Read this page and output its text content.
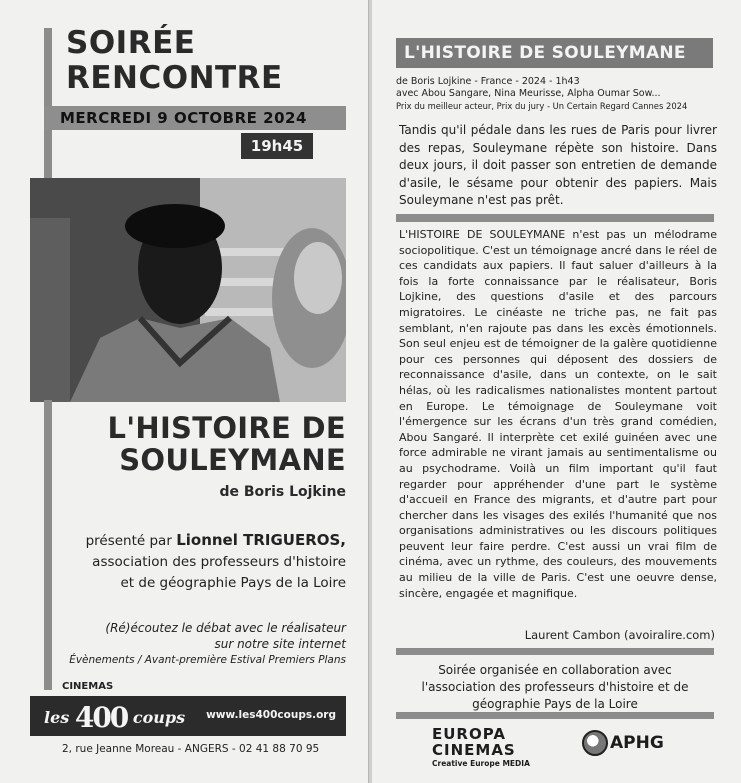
SOIRÉE
RENCONTRE
MERCREDI 9 OCTOBRE 2024
19h45
L'HISTOIRE DE
SOULEYMANE
de Boris Lojkine
présenté par Lionnel TRIGUEROS,
association des professeurs d'histoire
et de géographie Pays de la Loire
(Ré)écoutez le débat avec le réalisateur
sur notre site internet
Évènements / Avant-première Estival Premiers Plans
CINEMAS
les 400 coups www.les400coups.org
2, rue Jeanne Moreau - ANGERS - 02 41 88 70 95
L'HISTOIRE DE SOULEYMANE
de Boris Lojkine - France - 2024 - 1h43
avec Abou Sangare, Nina Meurisse, Alpha Oumar Sow...
Prix du meilleur acteur, Prix du jury - Un Certain Regard Cannes 2024

Tandis qu'il pédale dans les rues de Paris pour livrer des repas, Souleymane répète son histoire. Dans deux jours, il doit passer son entretien de demande d'asile, le sésame pour obtenir des papiers. Mais Souleymane n'est pas prêt.

L'HISTOIRE DE SOULEYMANE n'est pas un mélodrame sociopolitique. C'est un témoignage ancré dans le réel de ces candidats aux papiers. Il faut saluer d'ailleurs à la fois la forte connaissance par le réalisateur, Boris Lojkine, des questions d'asile et des parcours migratoires. Le cinéaste ne triche pas, ne fait pas semblant, n'en rajoute pas dans les excès émotionnels. Son seul enjeu est de témoigner de la galère quotidienne pour ces personnes qui déposent des dossiers de reconnaissance d'asile, dans un contexte, on le sait hélas, où les radicalismes nationalistes montent partout en Europe. Le témoignage de Souleymane voit l'émergence sur les écrans d'un très grand comédien, Abou Sangaré. Il interprète cet exilé guinéen avec une force admirable ne virant jamais au sentimentalisme ou au psychodrame. Voilà un film important qu'il faut regarder pour appréhender d'une part le système d'accueil en France des migrants, et d'autre part pour chercher dans les visages des exilés l'humanité que nos organisations administratives ou les discours politiques peuvent leur faire perdre. C'est aussi un vrai film de cinéma, avec un rythme, des couleurs, des mouvements au milieu de la ville de Paris. C'est une oeuvre dense, sincère, engagée et magnifique.

Laurent Cambon (avoiralire.com)
Soirée organisée en collaboration avec
l'association des professeurs d'histoire et de
géographie Pays de la Loire
EUROPA
CINEMAS
Creative Europe MEDIA
APHG
